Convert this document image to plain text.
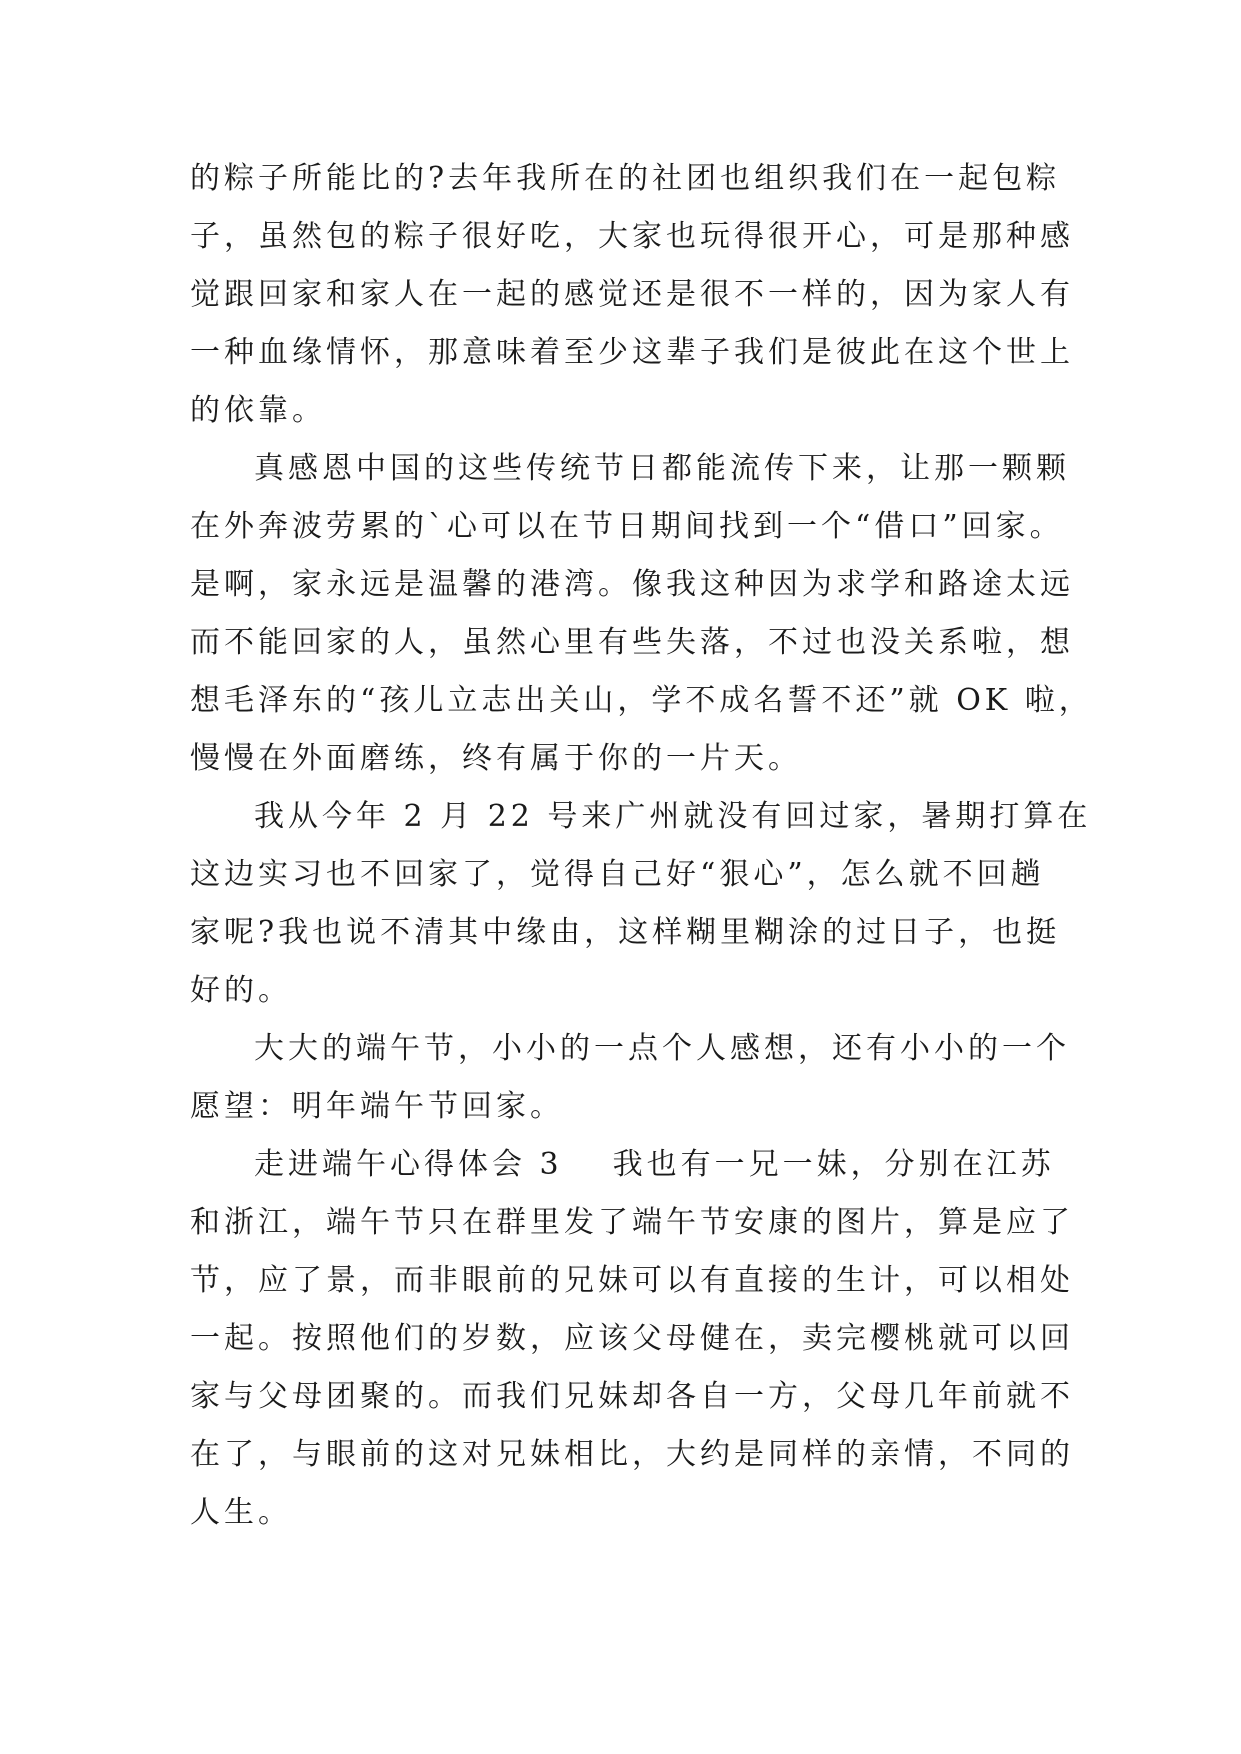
的粽子所能比的?去年我所在的社团也组织我们在一起包粽
子，虽然包的粽子很好吃，大家也玩得很开心，可是那种感
觉跟回家和家人在一起的感觉还是很不一样的，因为家人有
一种血缘情怀，那意味着至少这辈子我们是彼此在这个世上
的依靠。
真感恩中国的这些传统节日都能流传下来，让那一颗颗
在外奔波劳累的`心可以在节日期间找到一个“借口”回家。
是啊，家永远是温馨的港湾。像我这种因为求学和路途太远
而不能回家的人，虽然心里有些失落，不过也没关系啦，想
想毛泽东的“孩儿立志出关山，学不成名誓不还”就 OK 啦，
慢慢在外面磨练，终有属于你的一片天。
我从今年 2 月 22 号来广州就没有回过家，暑期打算在
这边实习也不回家了，觉得自己好“狠心”，怎么就不回趟
家呢?我也说不清其中缘由，这样糊里糊涂的过日子，也挺
好的。
大大的端午节，小小的一点个人感想，还有小小的一个
愿望：明年端午节回家。
走进端午心得体会 3 我也有一兄一妹，分别在江苏
和浙江，端午节只在群里发了端午节安康的图片，算是应了
节，应了景，而非眼前的兄妹可以有直接的生计，可以相处
一起。按照他们的岁数，应该父母健在，卖完樱桃就可以回
家与父母团聚的。而我们兄妹却各自一方，父母几年前就不
在了，与眼前的这对兄妹相比，大约是同样的亲情，不同的
人生。
